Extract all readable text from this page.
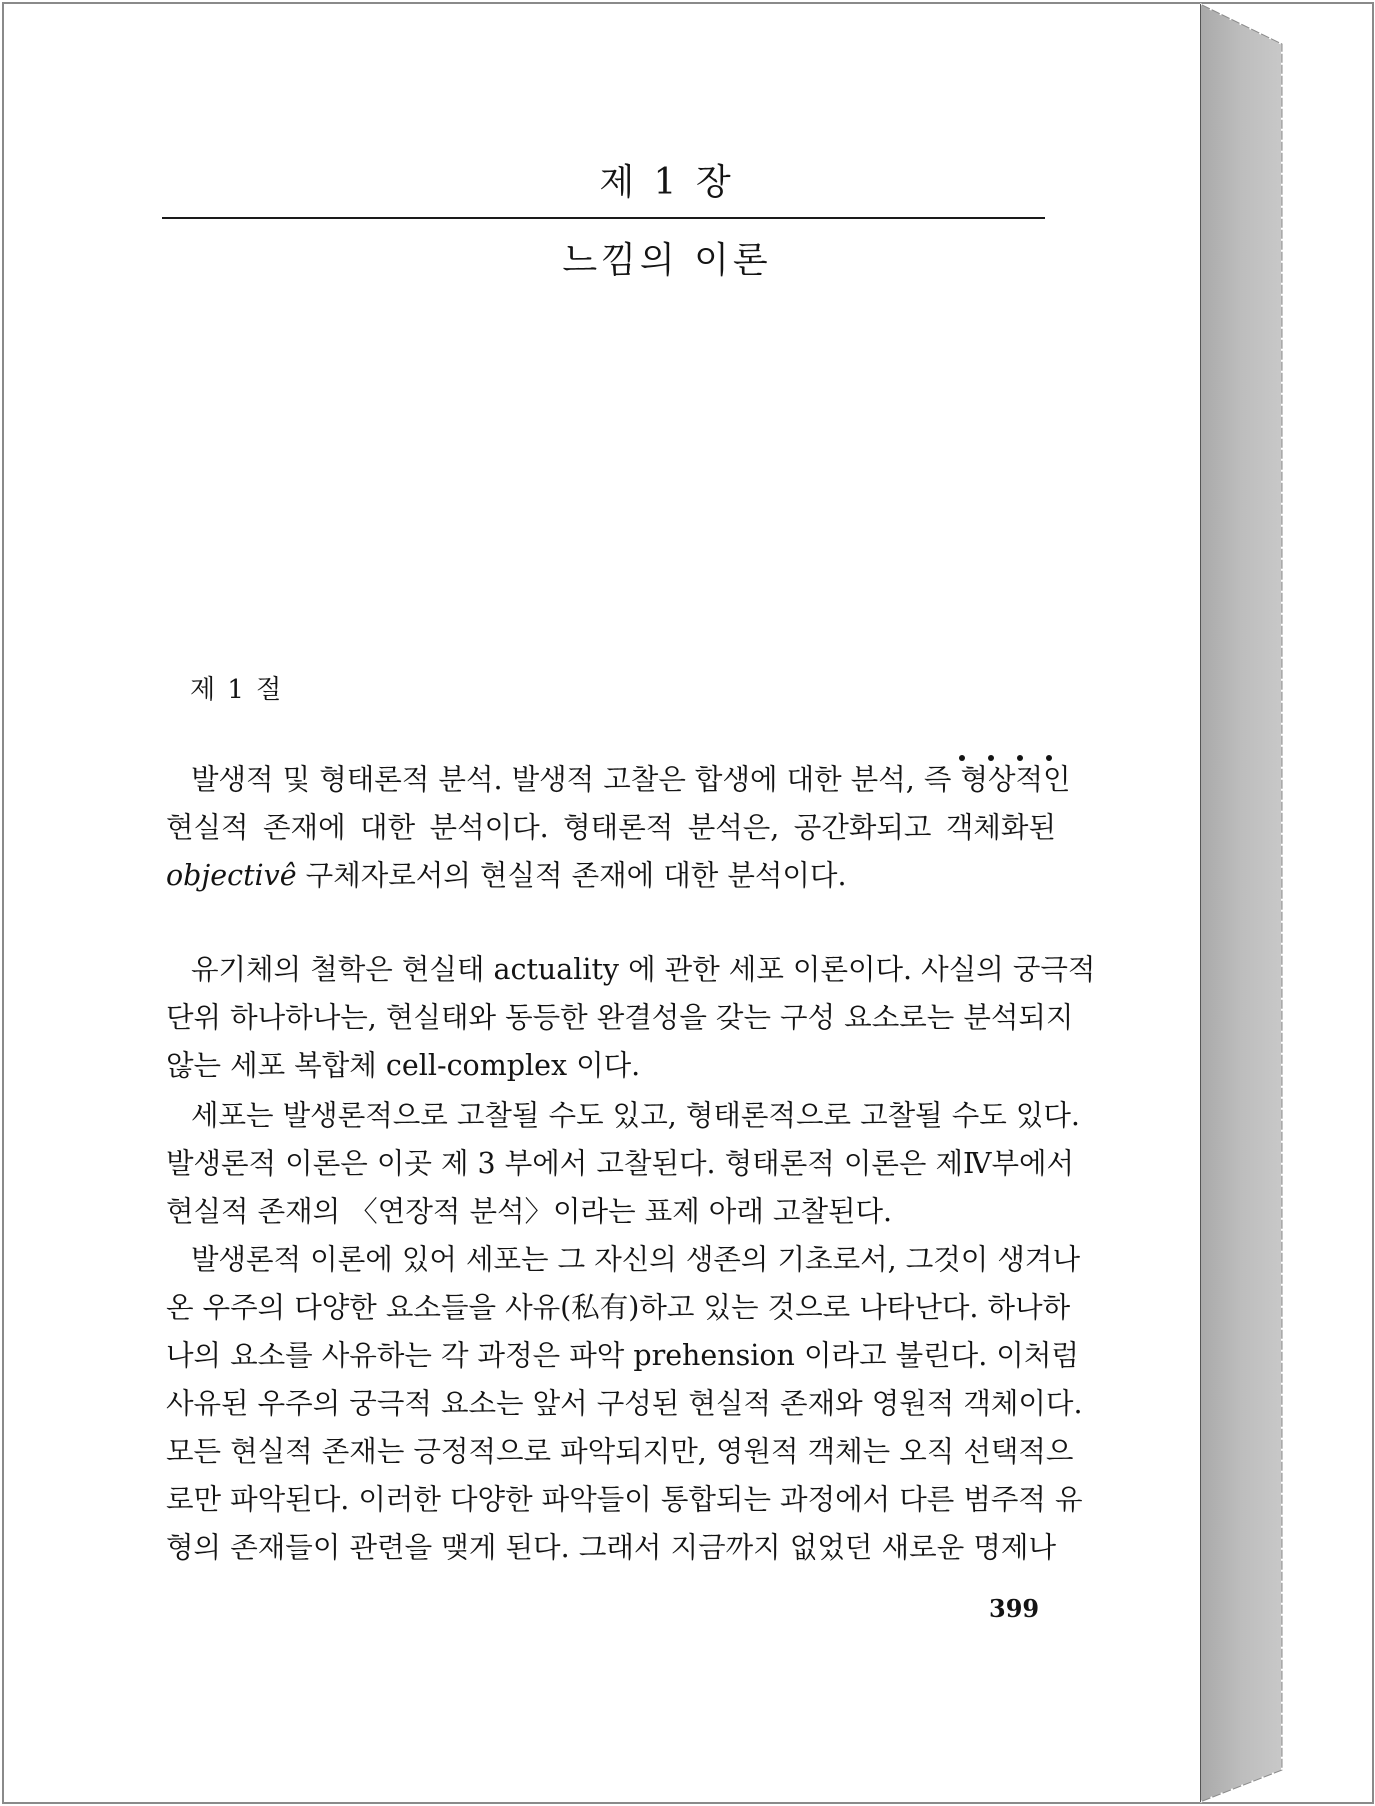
제 1 장
느낌의 이론
제 1 절
발생적 및 형태론적 분석. 발생적 고찰은 합생에 대한 분석, 즉 형상적인
현실적 존재에 대한 분석이다. 형태론적 분석은, 공간화되고 객체화된
objectivê 구체자로서의 현실적 존재에 대한 분석이다.
유기체의 철학은 현실태 actuality 에 관한 세포 이론이다. 사실의 궁극적
단위 하나하나는, 현실태와 동등한 완결성을 갖는 구성 요소로는 분석되지
않는 세포 복합체 cell-complex 이다.
세포는 발생론적으로 고찰될 수도 있고, 형태론적으로 고찰될 수도 있다.
발생론적 이론은 이곳 제 3 부에서 고찰된다. 형태론적 이론은 제Ⅳ부에서
현실적 존재의 〈연장적 분석〉이라는 표제 아래 고찰된다.
발생론적 이론에 있어 세포는 그 자신의 생존의 기초로서, 그것이 생겨나
온 우주의 다양한 요소들을 사유(私有)하고 있는 것으로 나타난다. 하나하
나의 요소를 사유하는 각 과정은 파악 prehension 이라고 불린다. 이처럼
사유된 우주의 궁극적 요소는 앞서 구성된 현실적 존재와 영원적 객체이다.
모든 현실적 존재는 긍정적으로 파악되지만, 영원적 객체는 오직 선택적으
로만 파악된다. 이러한 다양한 파악들이 통합되는 과정에서 다른 범주적 유
형의 존재들이 관련을 맺게 된다. 그래서 지금까지 없었던 새로운 명제나
399
